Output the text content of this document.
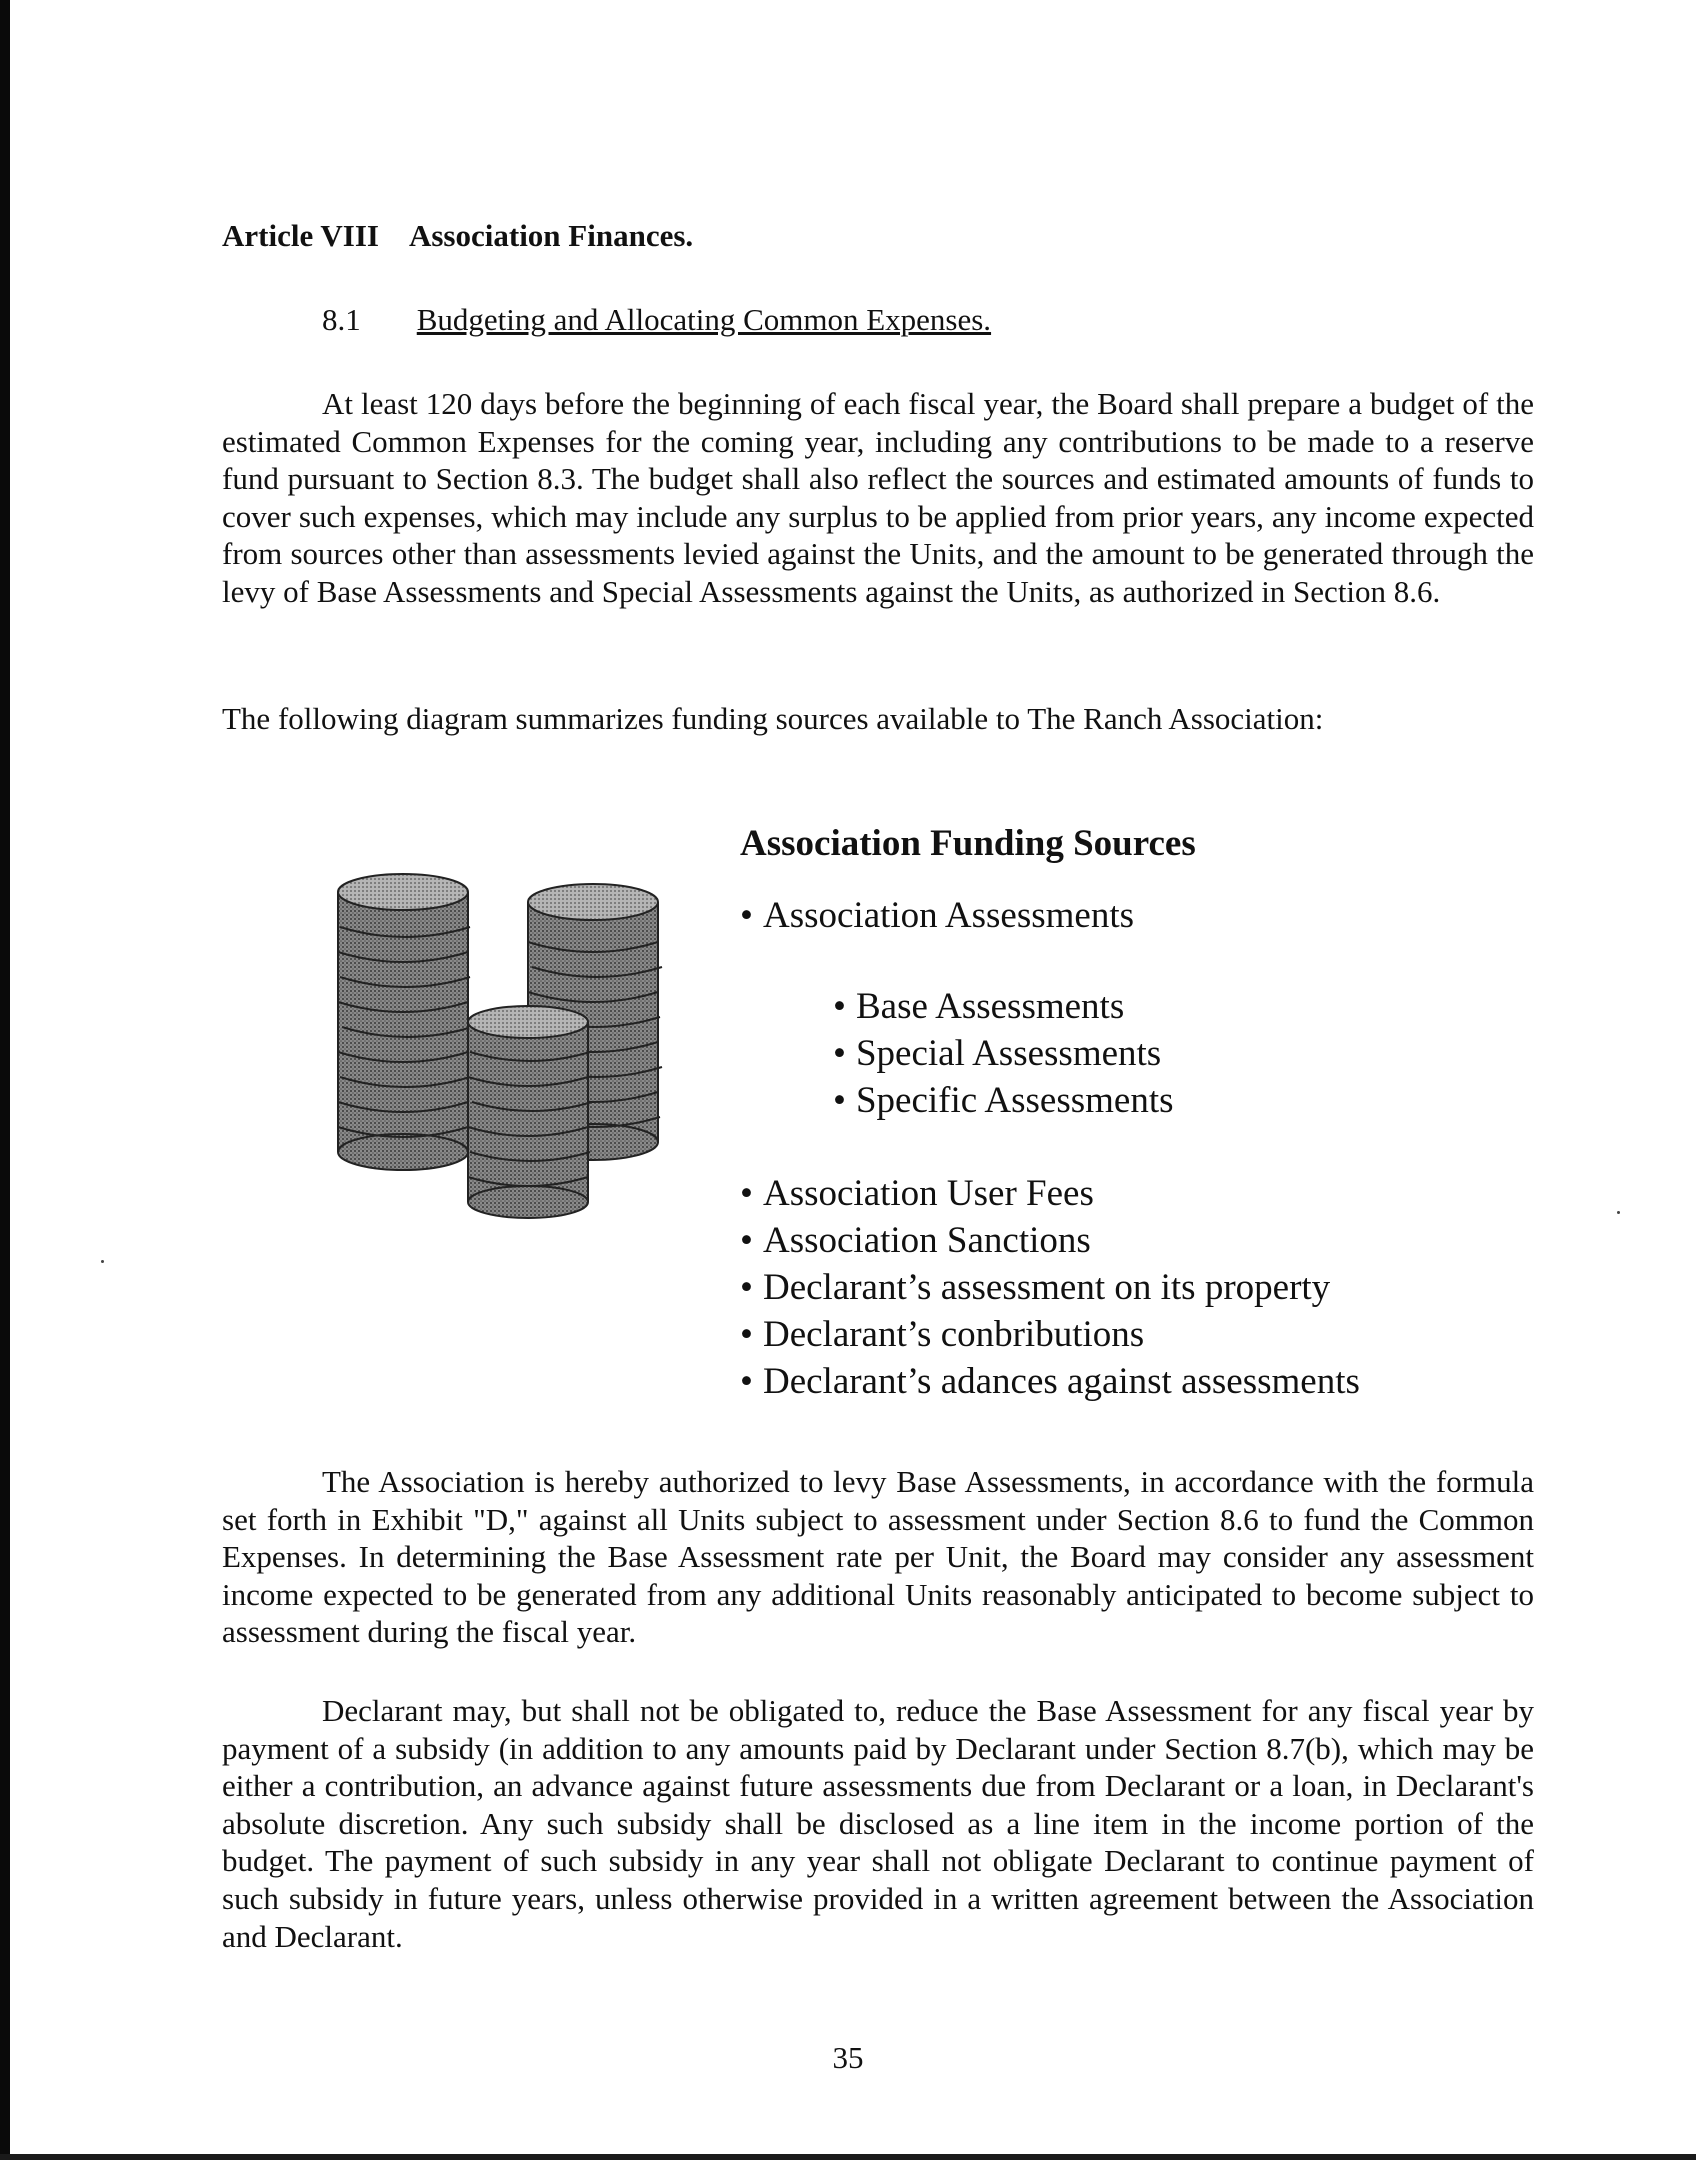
Article VIII Association Finances.
8.1 Budgeting and Allocating Common Expenses.

At least 120 days before the beginning of each fiscal year, the Board shall prepare a budget of the estimated Common Expenses for the coming year, including any contributions to be made to a reserve fund pursuant to Section 8.3. The budget shall also reflect the sources and estimated amounts of funds to cover such expenses, which may include any surplus to be applied from prior years, any income expected from sources other than assessments levied against the Units, and the amount to be generated through the levy of Base Assessments and Special Assessments against the Units, as authorized in Section 8.6.

The following diagram summarizes funding sources available to The Ranch Association:

Association Funding Sources
• Association Assessments
• Base Assessments
• Special Assessments
• Specific Assessments
• Association User Fees
• Association Sanctions
• Declarant’s assessment on its property
• Declarant’s conbributions
• Declarant’s adances against assessments

The Association is hereby authorized to levy Base Assessments, in accordance with the formula set forth in Exhibit "D," against all Units subject to assessment under Section 8.6 to fund the Common Expenses. In determining the Base Assessment rate per Unit, the Board may consider any assessment income expected to be generated from any additional Units reasonably anticipated to become subject to assessment during the fiscal year.

Declarant may, but shall not be obligated to, reduce the Base Assessment for any fiscal year by payment of a subsidy (in addition to any amounts paid by Declarant under Section 8.7(b), which may be either a contribution, an advance against future assessments due from Declarant or a loan, in Declarant's absolute discretion. Any such subsidy shall be disclosed as a line item in the income portion of the budget. The payment of such subsidy in any year shall not obligate Declarant to continue payment of such subsidy in future years, unless otherwise provided in a written agreement between the Association and Declarant.

35
